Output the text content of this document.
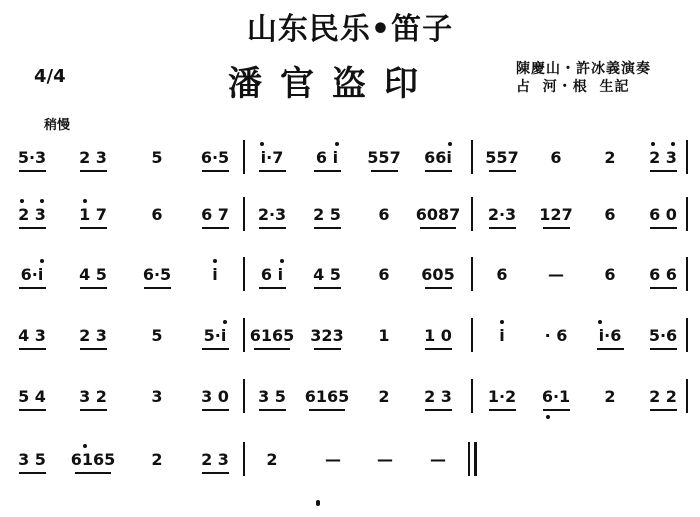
山东民乐•笛子
4/4	潘官盗印	陳慶山・許冰義演奏
占  河・根  生記
稍慢
5·3 2 3	5 6·5 i·7 6 i 557 66i 557 6	2 2 3
2 3 1 7	6 6 7 2·3 2 5 6 6087 2·3 127 6 6 0
6·i 4 5 6·5	i	6 i 4 5 6 605	6	—	6 6 6
4 3 2 3	5	5·i 6165 323 1 1 0	i · 6 i·6 5·6
5 4 3 2	3 3 0 3 5 6165 2 2 3 1·2 6·1 2 2 2
3 5 6165 2 2 3 2	— — —
